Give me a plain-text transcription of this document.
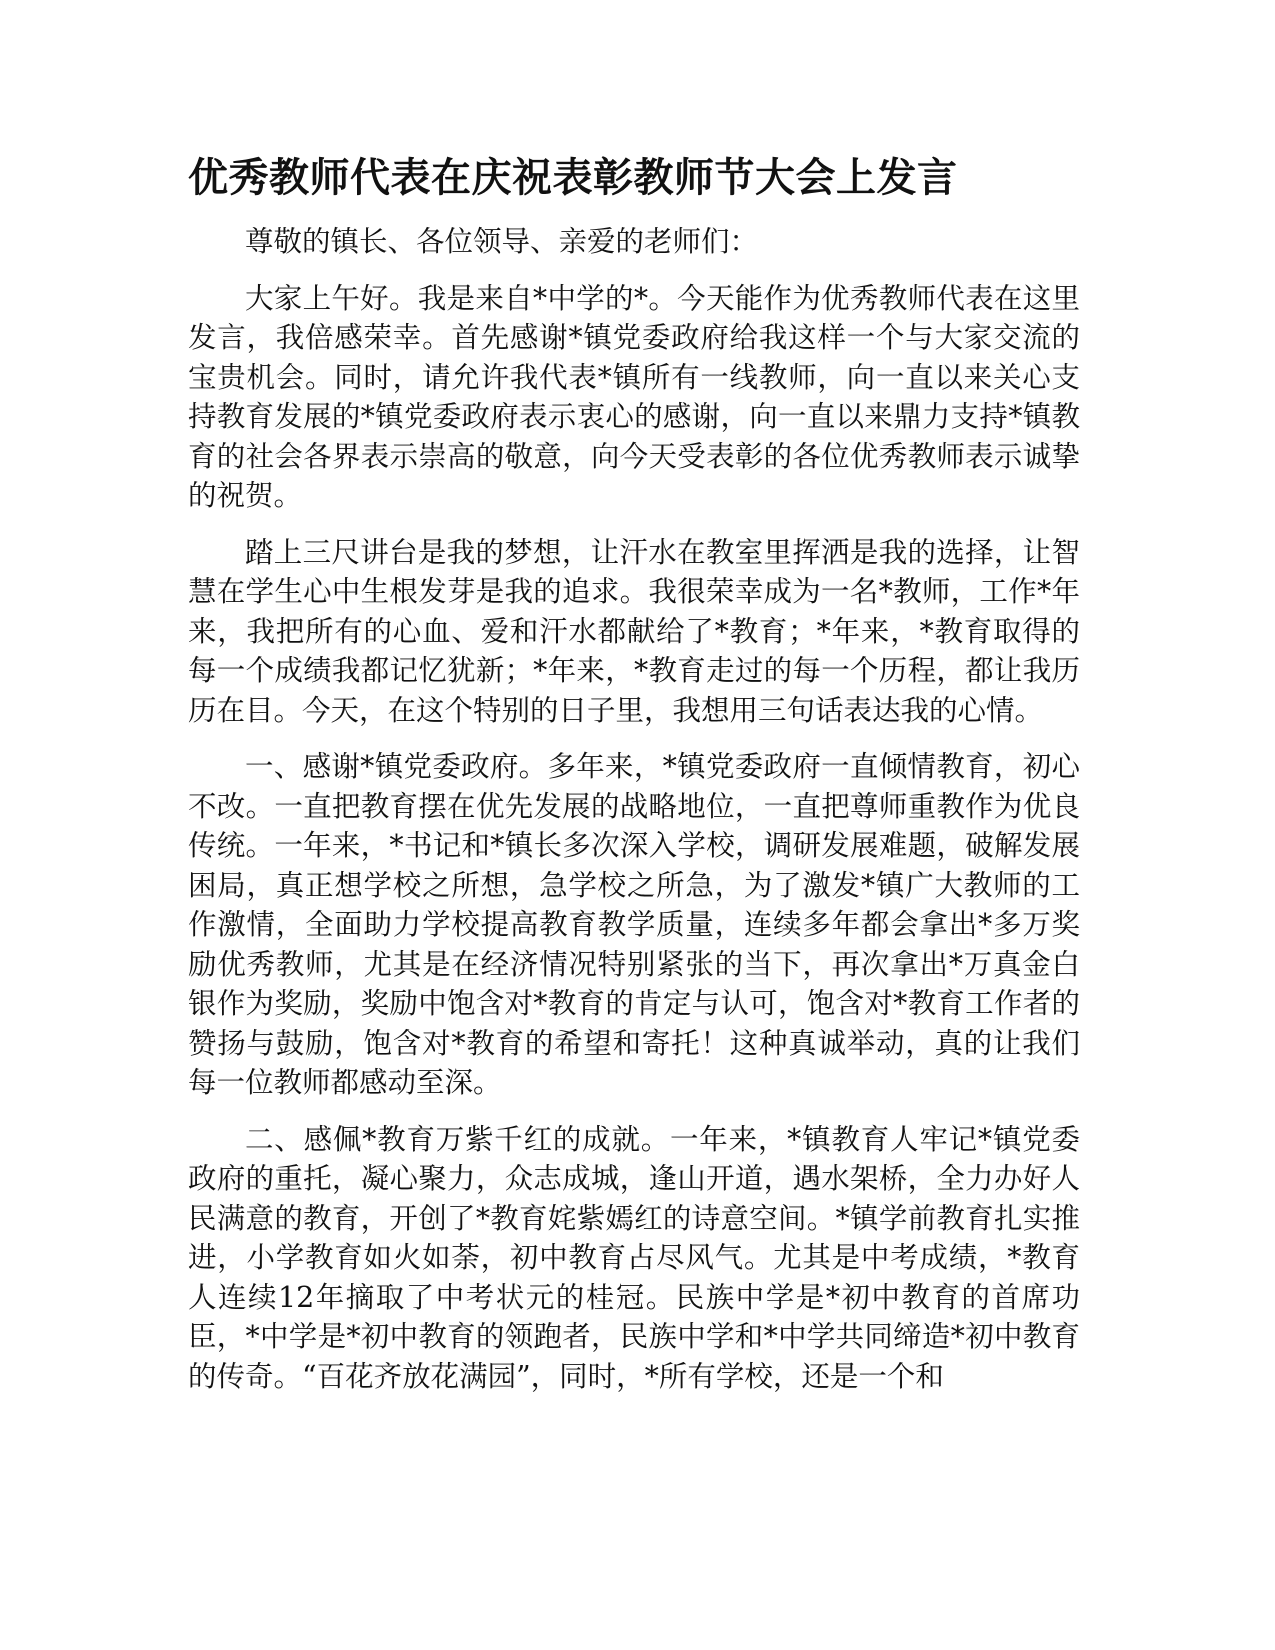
优秀教师代表在庆祝表彰教师节大会上发言

尊敬的镇长、各位领导、亲爱的老师们：

大家上午好。我是来自*中学的*。今天能作为优秀教师代表在这里发言，我倍感荣幸。首先感谢*镇党委政府给我这样一个与大家交流的宝贵机会。同时，请允许我代表*镇所有一线教师，向一直以来关心支持教育发展的*镇党委政府表示衷心的感谢，向一直以来鼎力支持*镇教育的社会各界表示崇高的敬意，向今天受表彰的各位优秀教师表示诚挚的祝贺。

踏上三尺讲台是我的梦想，让汗水在教室里挥洒是我的选择，让智慧在学生心中生根发芽是我的追求。我很荣幸成为一名*教师，工作*年来，我把所有的心血、爱和汗水都献给了*教育；*年来，*教育取得的每一个成绩我都记忆犹新；*年来，*教育走过的每一个历程，都让我历历在目。今天，在这个特别的日子里，我想用三句话表达我的心情。

一、感谢*镇党委政府。多年来，*镇党委政府一直倾情教育，初心不改。一直把教育摆在优先发展的战略地位，一直把尊师重教作为优良传统。一年来，*书记和*镇长多次深入学校，调研发展难题，破解发展困局，真正想学校之所想，急学校之所急，为了激发*镇广大教师的工作激情，全面助力学校提高教育教学质量，连续多年都会拿出*多万奖励优秀教师，尤其是在经济情况特别紧张的当下，再次拿出*万真金白银作为奖励，奖励中饱含对*教育的肯定与认可，饱含对*教育工作者的赞扬与鼓励，饱含对*教育的希望和寄托！这种真诚举动，真的让我们每一位教师都感动至深。

二、感佩*教育万紫千红的成就。一年来，*镇教育人牢记*镇党委政府的重托，凝心聚力，众志成城，逢山开道，遇水架桥，全力办好人民满意的教育，开创了*教育姹紫嫣红的诗意空间。*镇学前教育扎实推进，小学教育如火如荼，初中教育占尽风气。尤其是中考成绩，*教育人连续12年摘取了中考状元的桂冠。民族中学是*初中教育的首席功臣，*中学是*初中教育的领跑者，民族中学和*中学共同缔造*初中教育的传奇。“百花齐放花满园”，同时，*所有学校，还是一个和
